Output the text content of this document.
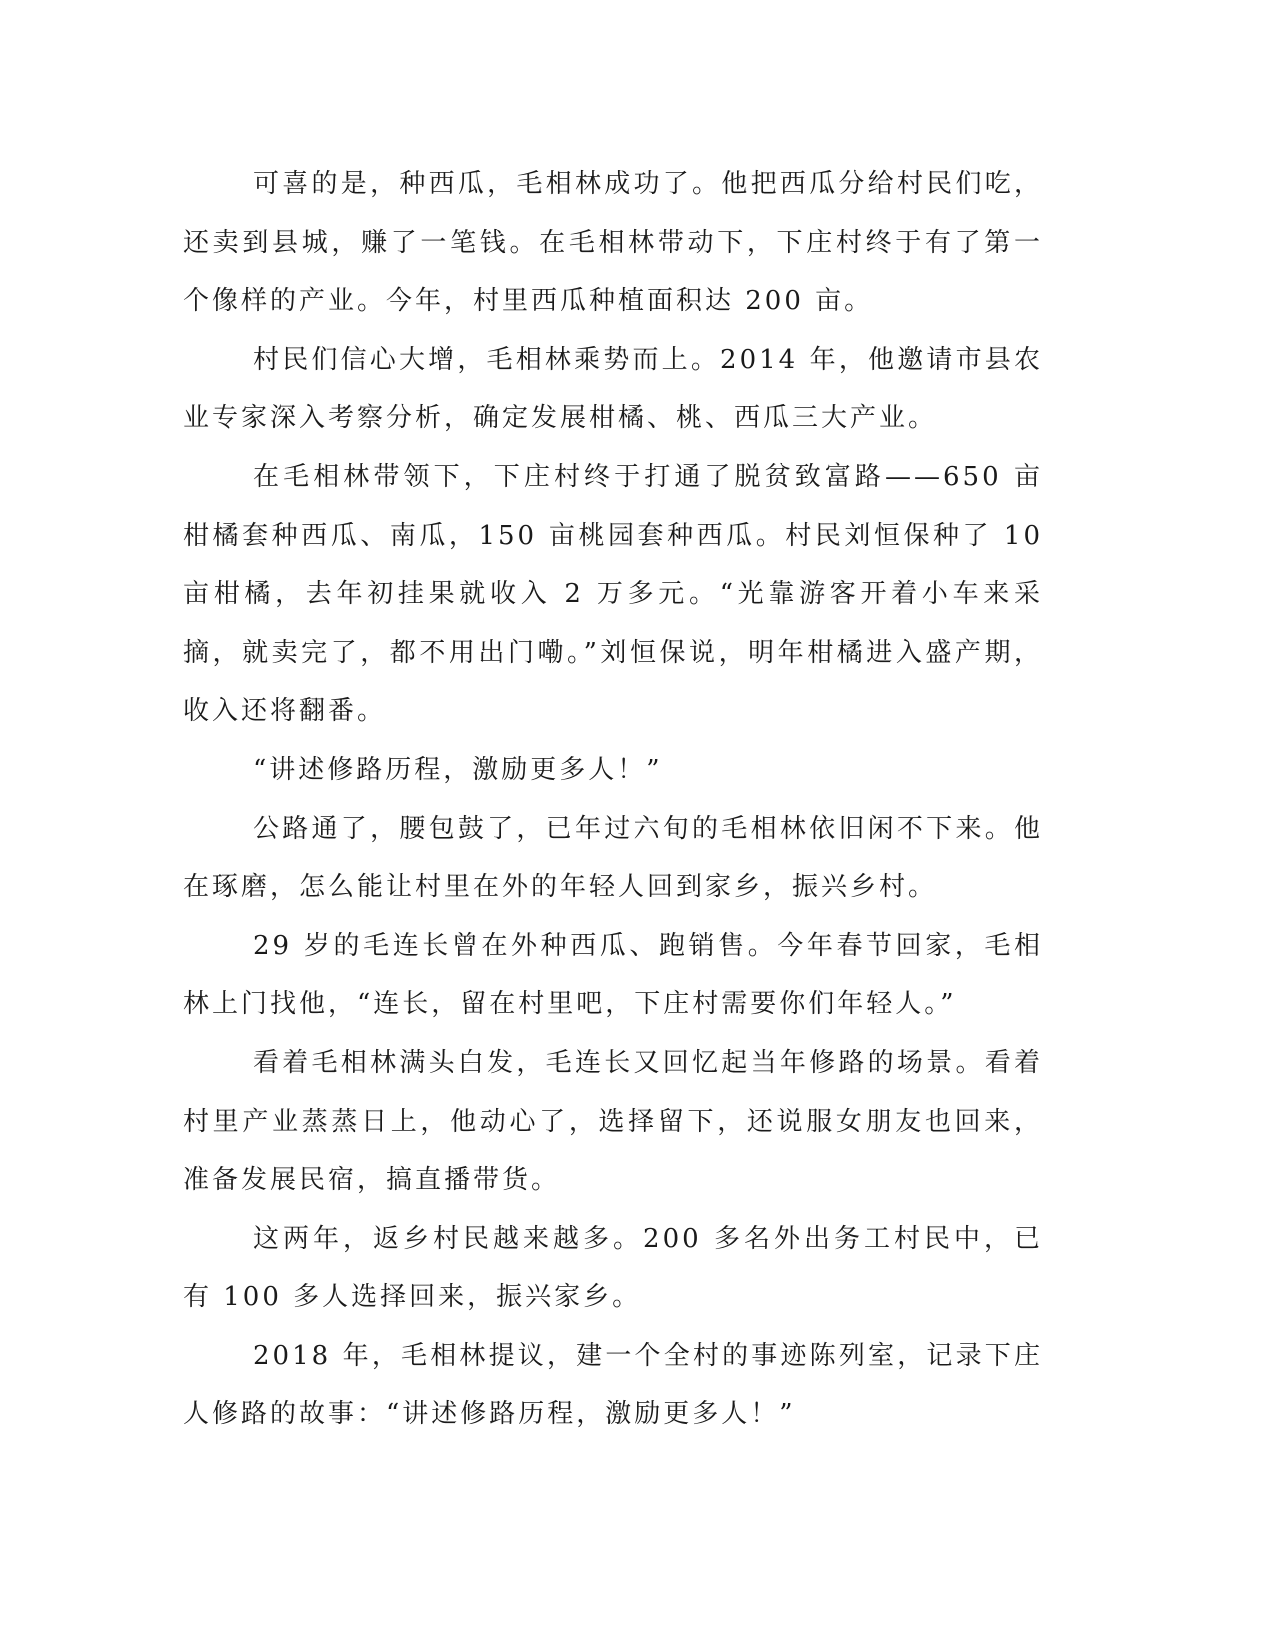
可喜的是，种西瓜，毛相林成功了。他把西瓜分给村民们吃，还卖到县城，赚了一笔钱。在毛相林带动下，下庄村终于有了第一个像样的产业。今年，村里西瓜种植面积达 200 亩。

村民们信心大增，毛相林乘势而上。2014 年，他邀请市县农业专家深入考察分析，确定发展柑橘、桃、西瓜三大产业。

在毛相林带领下，下庄村终于打通了脱贫致富路——650 亩柑橘套种西瓜、南瓜，150 亩桃园套种西瓜。村民刘恒保种了 10 亩柑橘，去年初挂果就收入 2 万多元。“光靠游客开着小车来采摘，就卖完了，都不用出门嘞。”刘恒保说，明年柑橘进入盛产期，收入还将翻番。

“讲述修路历程，激励更多人！”

公路通了，腰包鼓了，已年过六旬的毛相林依旧闲不下来。他在琢磨，怎么能让村里在外的年轻人回到家乡，振兴乡村。

29 岁的毛连长曾在外种西瓜、跑销售。今年春节回家，毛相林上门找他，“连长，留在村里吧，下庄村需要你们年轻人。”

看着毛相林满头白发，毛连长又回忆起当年修路的场景。看着村里产业蒸蒸日上，他动心了，选择留下，还说服女朋友也回来，准备发展民宿，搞直播带货。

这两年，返乡村民越来越多。200 多名外出务工村民中，已有 100 多人选择回来，振兴家乡。

2018 年，毛相林提议，建一个全村的事迹陈列室，记录下庄人修路的故事：“讲述修路历程，激励更多人！”
